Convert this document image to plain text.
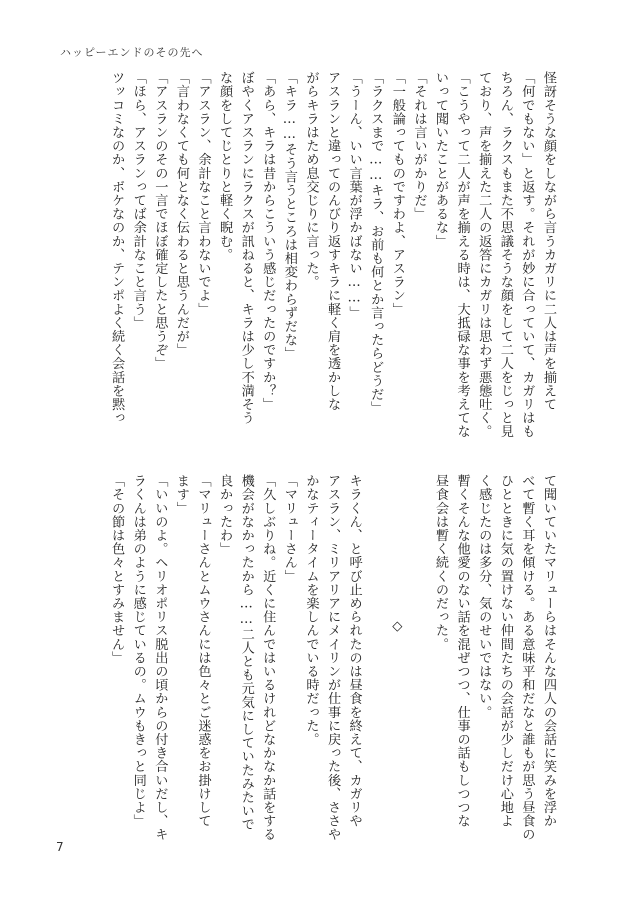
ハッピーエンドのその先へ
怪訝そうな顔をしながら言うカガリに二人は声を揃えて
「何でもない」と返す。それが妙に合っていて、カガリはも
ちろん、ラクスもまた不思議そうな顔をして二人をじっと見
ており、声を揃えた二人の返答にカガリは思わず悪態吐く。
「こうやって二人が声を揃える時は、大抵碌な事を考えてな
いって聞いたことがあるな」
「それは言いがかりだ」
「一般論ってものですわよ、アスラン」
「ラクスまで……キラ、お前も何とか言ったらどうだ」
「うーん、いい言葉が浮かばない……」
アスランと違ってのんびり返すキラに軽く肩を透かしな
がらキラはため息交じりに言った。
「キラ……そう言うところは相変わらずだな」
「あら、キラは昔からこういう感じだったのですか？」
ぼやくアスランにラクスが訊ねると、キラは少し不満そう
な顔をしてじとりと軽く睨む。
「アスラン、余計なこと言わないでよ」
「言わなくても何となく伝わると思うんだが」
「アスランのその一言でほぼ確定したと思うぞ」
「ほら、アスランってば余計なこと言う」
ツッコミなのか、ボケなのか、テンポよく続く会話を黙っ
て聞いていたマリューらはそんな四人の会話に笑みを浮か
べて暫く耳を傾ける。ある意味平和だなと誰もが思う昼食の
ひとときに気の置けない仲間たちの会話が少しだけ心地よ
く感じたのは多分、気のせいではない。
暫くそんな他愛のない話を混ぜつつ、仕事の話もしつつな
昼食会は暫く続くのだった。

◇

キラくん、と呼び止められたのは昼食を終えて、カガリや
アスラン、ミリアリアにメイリンが仕事に戻った後、ささや
かなティータイムを楽しんでいる時だった。
「マリューさん」
「久しぶりね。近くに住んではいるけれどなかなか話をする
機会がなかったから……二人とも元気にしていたみたいで
良かったわ」
「マリューさんとムウさんには色々とご迷惑をお掛けして
ます」
「いいのよ。ヘリオポリス脱出の頃からの付き合いだし、キ
ラくんは弟のように感じているの。ムウもきっと同じよ」
「その節は色々とすみません」
7
